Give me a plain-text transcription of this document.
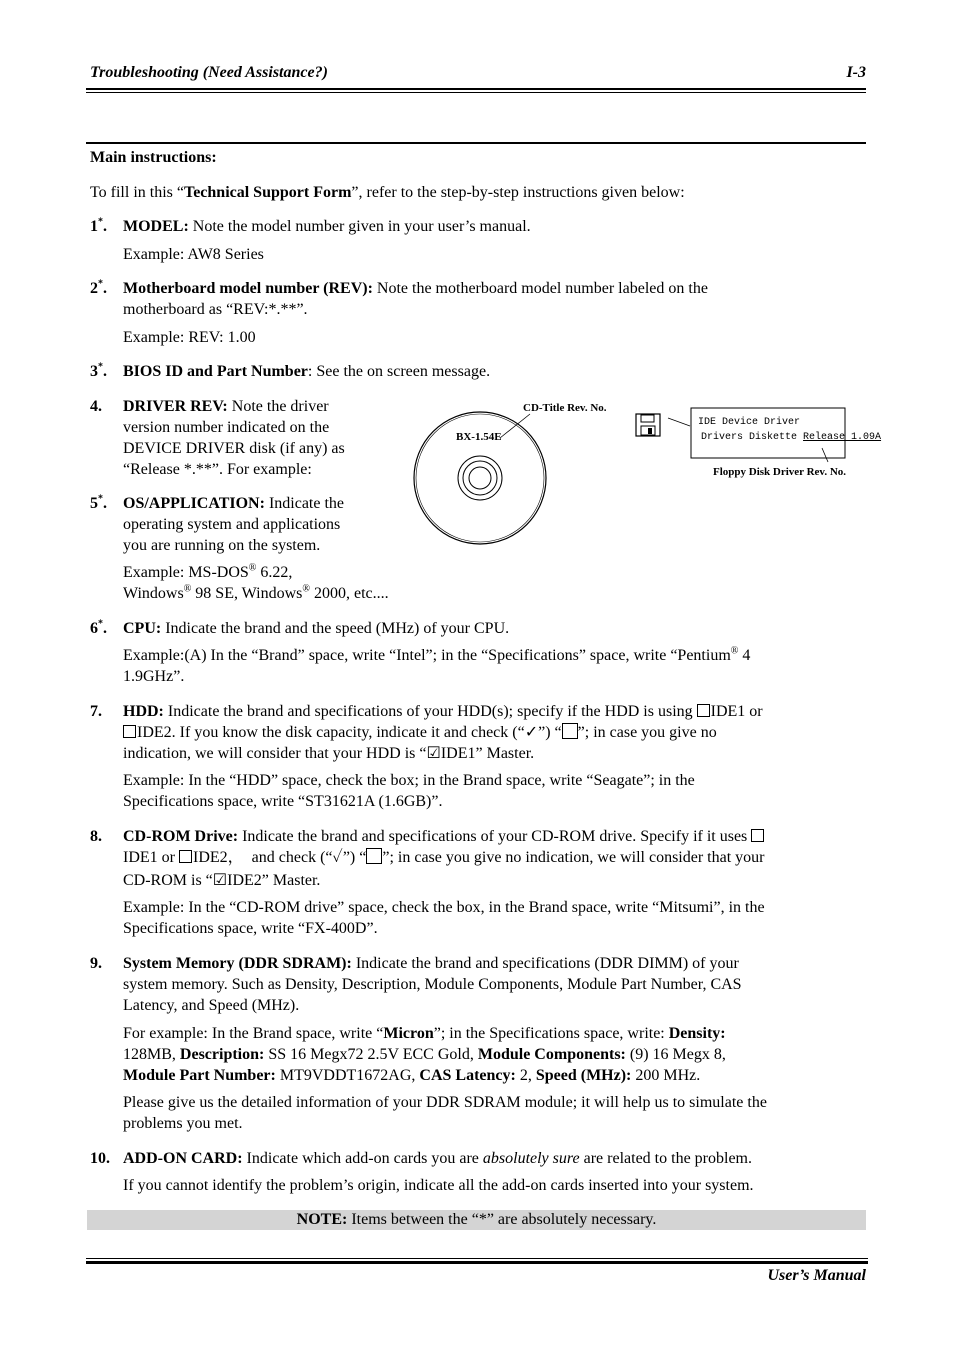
Troubleshooting (Need Assistance?)	I-3
Main instructions:
To fill in this “Technical Support Form”, refer to the step-by-step instructions given below:
1*. MODEL: Note the model number given in your user’s manual.

Example: AW8 Series

2*. Motherboard model number (REV): Note the motherboard model number labeled on the

motherboard as “REV:*.**”.

Example: REV: 1.00

3*. BIOS ID and Part Number: See the on screen message.

4. DRIVER REV: Note the driver

version number indicated on the

DEVICE DRIVER disk (if any) as

“Release *.**”. For example:

5*. OS/APPLICATION: Indicate the

operating system and applications

you are running on the system.

Example: MS-DOS® 6.22,

Windows® 98 SE, Windows® 2000, etc....

CD-Title Rev. No.
BX-1.54E
IDE Device Driver
Drivers Diskette Release 1.09A
Floppy Disk Driver Rev. No.
6*. CPU: Indicate the brand and the speed (MHz) of your CPU.

Example:(A) In the “Brand” space, write “Intel”; in the “Specifications” space, write “Pentium® 4

1.9GHz”.

7. HDD: Indicate the brand and specifications of your HDD(s); specify if the HDD is using IDE1 or

IDE2. If you know the disk capacity, indicate it and check (“✓”) “ ”; in case you give no

indication, we will consider that your HDD is “☑IDE1” Master.

Example: In the “HDD” space, check the box; in the Brand space, write “Seagate”; in the

Specifications space, write “ST31621A (1.6GB)”.

8. CD-ROM Drive: Indicate the brand and specifications of your CD-ROM drive. Specify if it uses

IDE1 or IDE2，  and check (“✓”) “ ”; in case you give no indication, we will consider that your

CD-ROM is “☑IDE2” Master.

Example: In the “CD-ROM drive” space, check the box, in the Brand space, write “Mitsumi”, in the

Specifications space, write “FX-400D”.

9. System Memory (DDR SDRAM): Indicate the brand and specifications (DDR DIMM) of your

system memory. Such as Density, Description, Module Components, Module Part Number, CAS

Latency, and Speed (MHz).

For example: In the Brand space, write “Micron”; in the Specifications space, write: Density:

128MB, Description: SS 16 Megx72 2.5V ECC Gold, Module Components: (9) 16 Megx 8,

Module Part Number: MT9VDDT1672AG, CAS Latency: 2, Speed (MHz): 200 MHz.

Please give us the detailed information of your DDR SDRAM module; it will help us to simulate the

problems you met.

10. ADD-ON CARD: Indicate which add-on cards you are absolutely sure are related to the problem.

If you cannot identify the problem’s origin, indicate all the add-on cards inserted into your system.

NOTE: Items between the “*” are absolutely necessary.
User’s Manual
